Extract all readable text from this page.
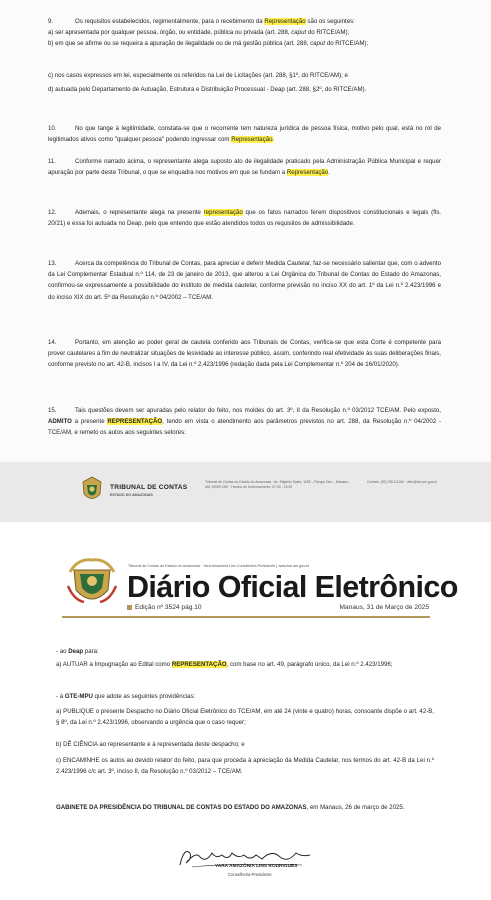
9.	Os requisitos estabelecidos, regimentalmente, para o recebimento da Representação são os seguintes:
a) ser apresentada por qualquer pessoa, órgão, ou entidade, pública ou privada (art. 288, caput do RITCE/AM);
b) em que se afirme ou se requeira a apuração de ilegalidade ou de má gestão pública (art. 288, caput do RITCE/AM);
c) nos casos expressos em lei, especialmente os referidos na Lei de Licitações (art. 288, §1º, do RITCE/AM); e
d) autuada pelo Departamento de Autuação, Estrutura e Distribuição Processual - Deap (art. 288, §2º, do RITCE/AM).
10.	No que tange à legitimidade, constata-se que o recorrente tem natureza jurídica de pessoa física, motivo pelo qual, está no rol de legitimados ativos como "qualquer pessoa" podendo ingressar com Representação.
11.	Conforme narrado acima, o representante alega suposto ato de ilegalidade praticado pela Administração Pública Municipal e requer apuração por parte deste Tribunal, o que se enquadra nos motivos em que se fundam a Representação.
12.	Ademais, o representante alega na presente representação que os fatos narrados ferem dispositivos constitucionais e legais (fls. 20/21) e essa foi autuada no Deap, pelo que entendo que estão atendidos todos os requisitos de admissibilidade.
13.	Acerca da competência do Tribunal de Contas, para apreciar e deferir Medida Cautelar, faz-se necessário salientar que, com o advento da Lei Complementar Estadual n.º 114, de 23 de janeiro de 2013, que alterou a Lei Orgânica do Tribunal de Contas do Estado do Amazonas, confirmou-se expressamente a possibilidade do instituto de medida cautelar, conforme previsão no inciso XX do art. 1º da Lei n.º 2.423/1996 e do inciso XIX do art. 5º da Resolução n.º 04/2002 – TCE/AM.
14.	Portanto, em atenção ao poder geral de cautela conferido aos Tribunais de Contas, verifica-se que esta Corte é competente para prover cautelares a fim de neutralizar situações de lesividade ao interesse público, assim, conferindo real efetividade às suas deliberações finais, conforme previsto no art. 42-B, incisos I a IV, da Lei n.º 2.423/1996 (redação dada pela Lei Complementar n.º 204 de 16/01/2020).
15.	Tais questões devem ser apuradas pelo relator do feito, nos moldes do art. 3º, II da Resolução n.º 03/2012 TCE/AM. Pelo exposto, ADMITO a presente REPRESENTAÇÃO, tendo em vista o atendimento aos parâmetros previstos no art. 288, da Resolução n.º 04/2002 - TCE/AM, e remeto os autos aos seguintes setores:
TRIBUNAL DE CONTAS
ESTADO DO AMAZONAS
Tribunal de Contas do Estado do Amazonas · Av. Efigênio Sales, 1155 – Parque Dez – Manaus - AM, 69057-050 · Horário de funcionamento: 07:30 - 13:30
Contato: (92) 3301-8180 · dtec@tce.am.gov.br
Tribunal de Contas do Estado do Amazonas - Yara Amazônia Lins Conselheira-Presidente | www.tce.am.gov.br
Diário Oficial Eletrônico
Edição nº 3524 pág.10	Manaus, 31 de Março de 2025
- ao Deap para:
a) AUTUAR a Impugnação ao Edital como REPRESENTAÇÃO, com base no art. 49, parágrafo único, da Lei n.º 2.423/1996;
- à GTE-MPU que adote as seguintes providências:
a) PUBLIQUE o presente Despacho no Diário Oficial Eletrônico do TCE/AM, em até 24 (vinte e quatro) horas, consoante dispõe o art. 42-B, § 8º, da Lei n.º 2.423/1996, observando a urgência que o caso requer;
b) DÊ CIÊNCIA ao representante e à representada deste despacho; e
c) ENCAMINHE os autos ao devido relator do feito, para que proceda à apreciação da Medida Cautelar, nos termos do art. 42-B da Lei n.º 2.423/1996 c/c art. 3º, inciso II, da Resolução n.º 03/2012 – TCE/AM.
GABINETE DA PRESIDÊNCIA DO TRIBUNAL DE CONTAS DO ESTADO DO AMAZONAS, em Manaus, 26 de março de 2025.
YARA AMAZÔNIA LINS RODRIGUES
Conselheira-Presidente
